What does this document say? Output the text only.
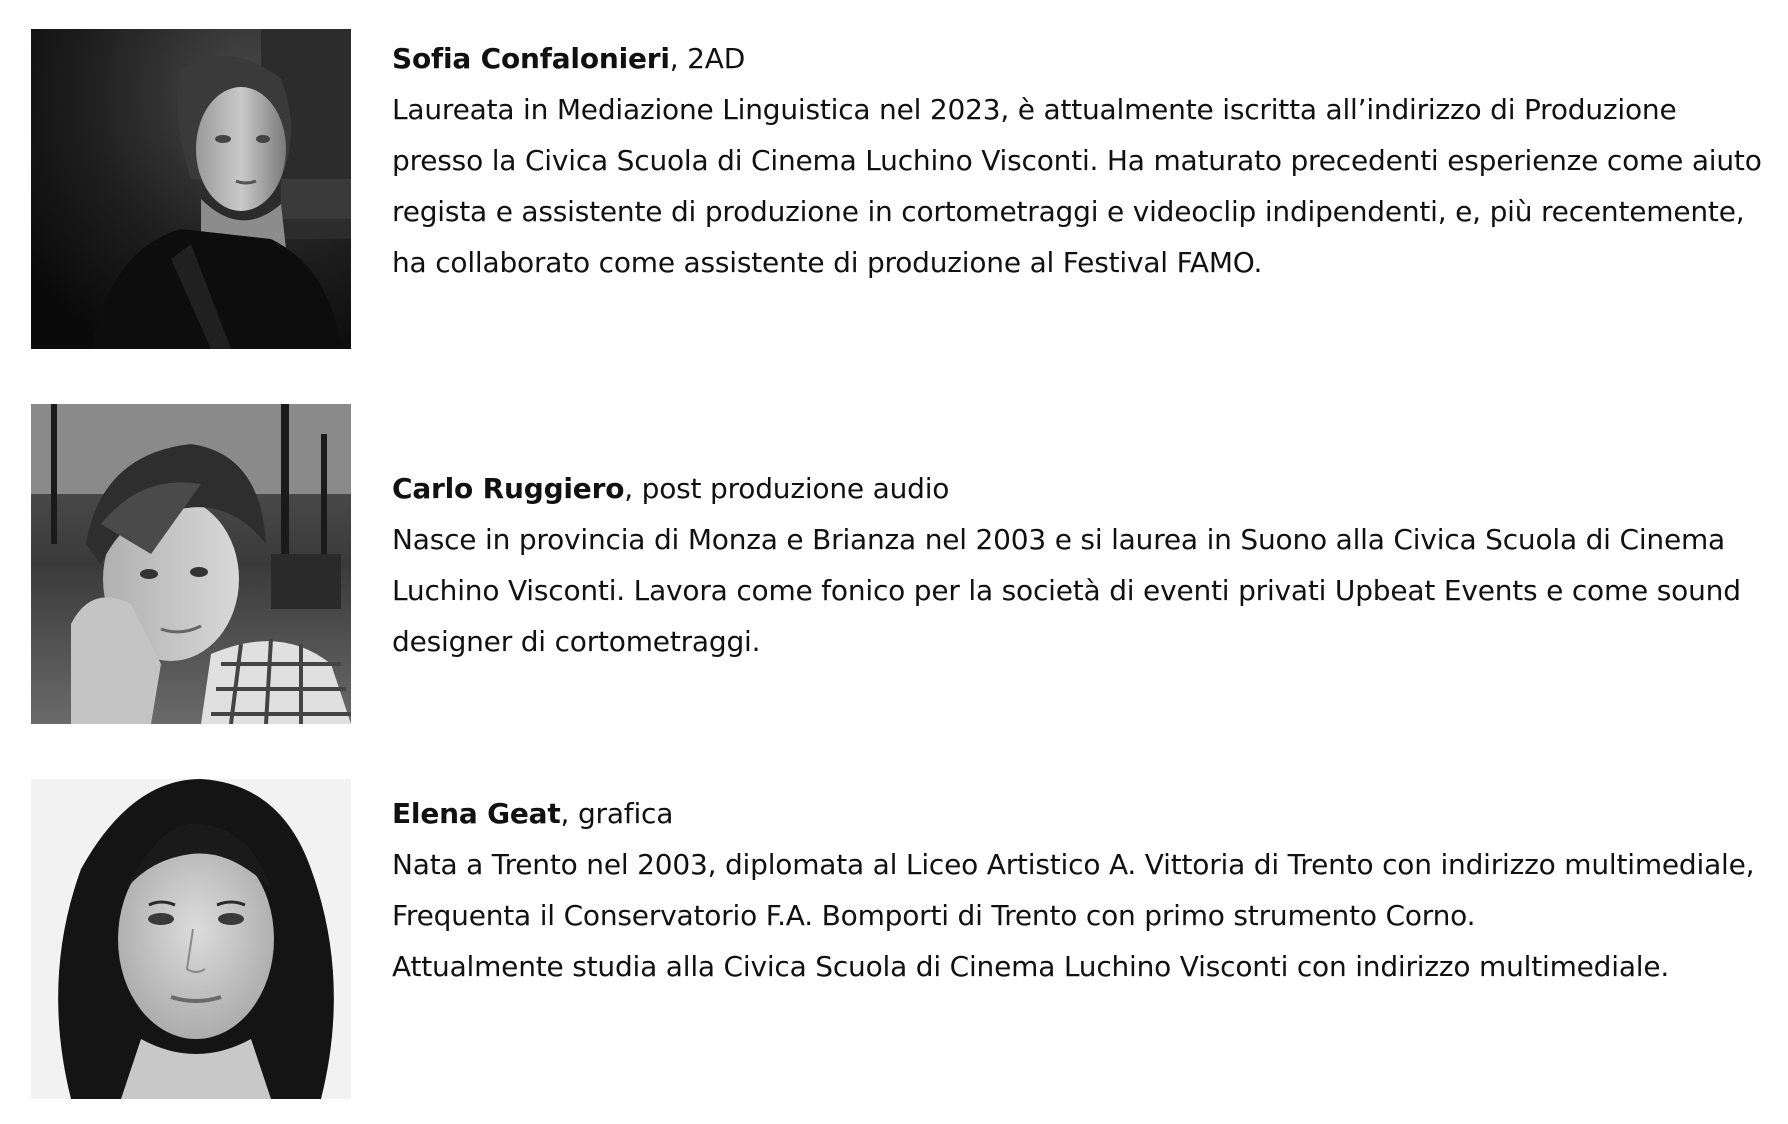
Sofia Confalonieri, 2AD

Laureata in Mediazione Linguistica nel 2023, è attualmente iscritta all’indirizzo di Produzione presso la Civica Scuola di Cinema Luchino Visconti. Ha maturato precedenti esperienze come aiuto regista e assistente di produzione in cortometraggi e videoclip indipendenti, e, più recentemente, ha collaborato come assistente di produzione al Festival FAMO.

Carlo Ruggiero, post produzione audio

Nasce in provincia di Monza e Brianza nel 2003 e si laurea in Suono alla Civica Scuola di Cinema Luchino Visconti. Lavora come fonico per la società di eventi privati Upbeat Events e come sound designer di cortometraggi.

Elena Geat, grafica

Nata a Trento nel 2003, diplomata al Liceo Artistico A. Vittoria di Trento con indirizzo multimediale, Frequenta il Conservatorio F.A. Bomporti di Trento con primo strumento Corno.

Attualmente studia alla Civica Scuola di Cinema Luchino Visconti con indirizzo multimediale.
